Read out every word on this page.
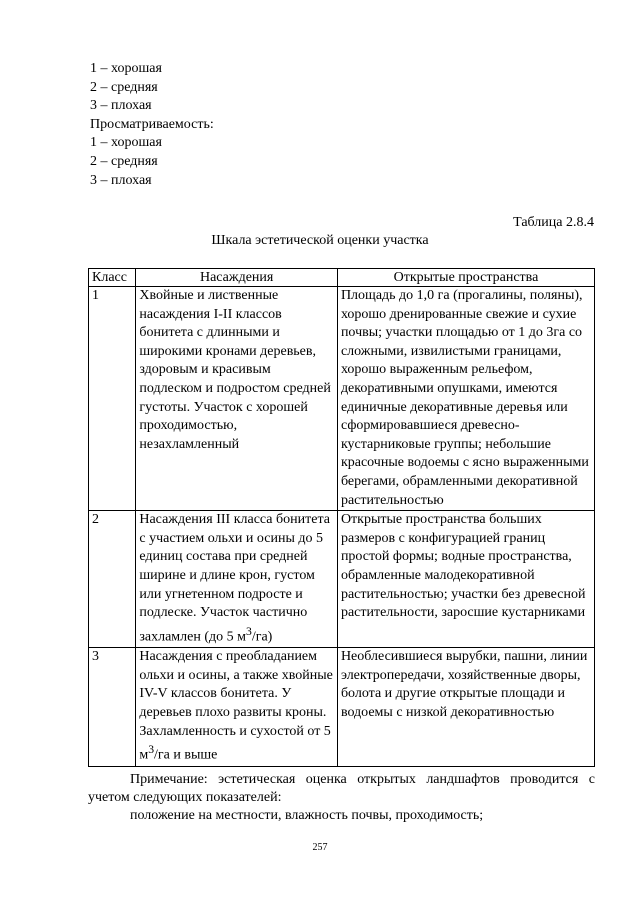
1 – хорошая
2 – средняя
3 – плохая
Просматриваемость:
1 – хорошая
2 – средняя
3 – плохая
Таблица 2.8.4
Шкала эстетической оценки участка
Класс	Насаждения	Открытые пространства
1	Хвойные и лиственные насаждения I-II классов бонитета с длинными и широкими кронами деревьев, здоровым и красивым подлеском и подростом средней густоты. Участок с хорошей проходимостью, незахламленный	Площадь до 1,0 га (прогалины, поляны), хорошо дренированные свежие и сухие почвы; участки площадью от 1 до 3га со сложными, извилистыми границами, хорошо выраженным рельефом, декоративными опушками, имеются единичные декоративные деревья или сформировавшиеся древесно-кустарниковые группы; небольшие красочные водоемы с ясно выраженными берегами, обрамленными декоративной растительностью
2	Насаждения III класса бонитета с участием ольхи и осины до 5 единиц состава при средней ширине и длине крон, густом или угнетенном подросте и подлеске. Участок частично захламлен (до 5 $м^3/га$)	Открытые пространства больших размеров с конфигурацией границ простой формы; водные пространства, обрамленные малодекоративной растительностью; участки без древесной растительности, заросшие кустарниками
3	Насаждения с преобладанием ольхи и осины, а также хвойные IV-V классов бонитета. У деревьев плохо развиты кроны. Захламленность и сухостой от 5 $м^3/га$ и выше	Необлесившиеся вырубки, пашни, линии электропередачи, хозяйственные дворы, болота и другие открытые площади и водоемы с низкой декоративностью

Примечание: эстетическая оценка открытых ландшафтов проводится с учетом следующих показателей:

положение на местности, влажность почвы, проходимость;

257
